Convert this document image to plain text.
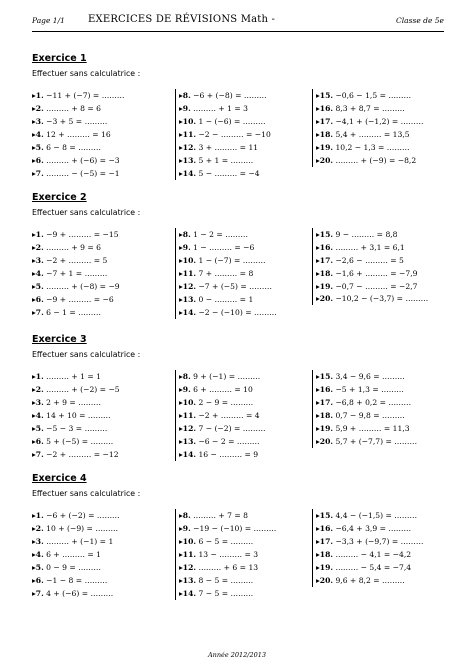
Page 1/1 EXERCICES DE RÉVISIONS Math -	Classe de 5e
Exercice 1
Effectuer sans calculatrice :
▸1. −11 + (−7) = ………
▸2. ……… + 8 = 6
▸3. −3 + 5 = ………
▸4. 12 + ……… = 16
▸5. 6 − 8 = ………
▸6. ……… + (−6) = −3
▸7. ……… − (−5) = −1
▸8. −6 + (−8) = ………
▸9. ……… + 1 = 3
▸10. 1 − (−6) = ………
▸11. −2 − ……… = −10
▸12. 3 + ……… = 11
▸13. 5 + 1 = ………
▸14. 5 − ……… = −4
▸15. −0,6 − 1,5 = ………
▸16. 8,3 + 8,7 = ………
▸17. −4,1 + (−1,2) = ………
▸18. 5,4 + ……… = 13,5
▸19. 10,2 − 1,3 = ………
▸20. ……… + (−9) = −8,2
Exercice 2
Effectuer sans calculatrice :
▸1. −9 + ……… = −15
▸2. ……… + 9 = 6
▸3. −2 + ……… = 5
▸4. −7 + 1 = ………
▸5. ……… + (−8) = −9
▸6. −9 + ……… = −6
▸7. 6 − 1 = ………
▸8. 1 − 2 = ………
▸9. 1 − ……… = −6
▸10. 1 − (−7) = ………
▸11. 7 + ……… = 8
▸12. −7 + (−5) = ………
▸13. 0 − ……… = 1
▸14. −2 − (−10) = ………
▸15. 9 − ……… = 8,8
▸16. ……… + 3,1 = 6,1
▸17. −2,6 − ……… = 5
▸18. −1,6 + ……… = −7,9
▸19. −0,7 − ……… = −2,7
▸20. −10,2 − (−3,7) = ………
Exercice 3
Effectuer sans calculatrice :
▸1. ……… + 1 = 1
▸2. ……… + (−2) = −5
▸3. 2 + 9 = ………
▸4. 14 + 10 = ………
▸5. −5 − 3 = ………
▸6. 5 + (−5) = ………
▸7. −2 + ……… = −12
▸8. 9 + (−1) = ………
▸9. 6 + ……… = 10
▸10. 2 − 9 = ………
▸11. −2 + ……… = 4
▸12. 7 − (−2) = ………
▸13. −6 − 2 = ………
▸14. 16 − ……… = 9
▸15. 3,4 − 9,6 = ………
▸16. −5 + 1,3 = ………
▸17. −6,8 + 0,2 = ………
▸18. 0,7 − 9,8 = ………
▸19. 5,9 + ……… = 11,3
▸20. 5,7 + (−7,7) = ………
Exercice 4
Effectuer sans calculatrice :
▸1. −6 + (−2) = ………
▸2. 10 + (−9) = ………
▸3. ……… + (−1) = 1
▸4. 6 + ……… = 1
▸5. 0 − 9 = ………
▸6. −1 − 8 = ………
▸7. 4 + (−6) = ………
▸8. ……… + 7 = 8
▸9. −19 − (−10) = ………
▸10. 6 − 5 = ………
▸11. 13 − ……… = 3
▸12. ……… + 6 = 13
▸13. 8 − 5 = ………
▸14. 7 − 5 = ………
▸15. 4,4 − (−1,5) = ………
▸16. −6,4 + 3,9 = ………
▸17. −3,3 + (−9,7) = ………
▸18. ……… − 4,1 = −4,2
▸19. ……… − 5,4 = −7,4
▸20. 9,6 + 8,2 = ………
Année 2012/2013
